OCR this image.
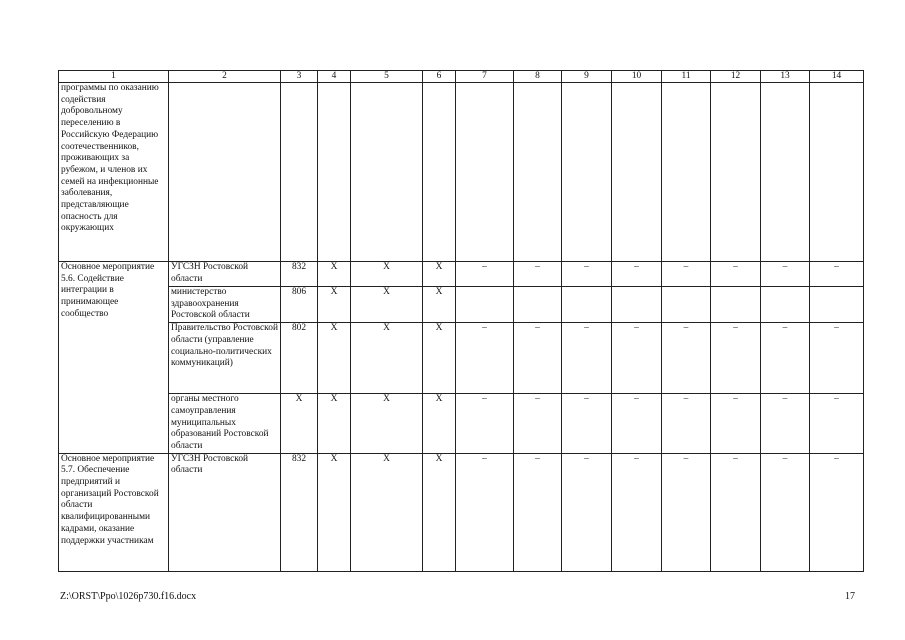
1	2	3	4	5	6	7	8	9	10	11	12	13	14
программы по оказанию содействия добровольному переселению в Российскую Федерацию соотечественников, проживающих за рубежом, и членов их семей на инфекционные заболевания, представляющие опасность для окружающих													
Основное мероприятие 5.6. Содействие интеграции в принимающее сообщество	УГСЗН Ростовской области	832	Х	Х	Х	–	–	–	–	–	–	–	–
	министерство здравоохранения Ростовской области	806	Х	Х	Х								
	Правительство Ростовской области (управление социально-политических коммуникаций)	802	Х	Х	Х	–	–	–	–	–	–	–	–
	органы местного самоуправления муниципальных образований Ростовской области	Х	Х	Х	Х	–	–	–	–	–	–	–	–
Основное мероприятие 5.7. Обеспечение предприятий и организаций Ростовской области квалифицированными кадрами, оказание поддержки участникам	УГСЗН Ростовской области	832	Х	Х	Х	–	–	–	–	–	–	–	–
Z:\ORST\Ppo\1026p730.f16.docx	17
